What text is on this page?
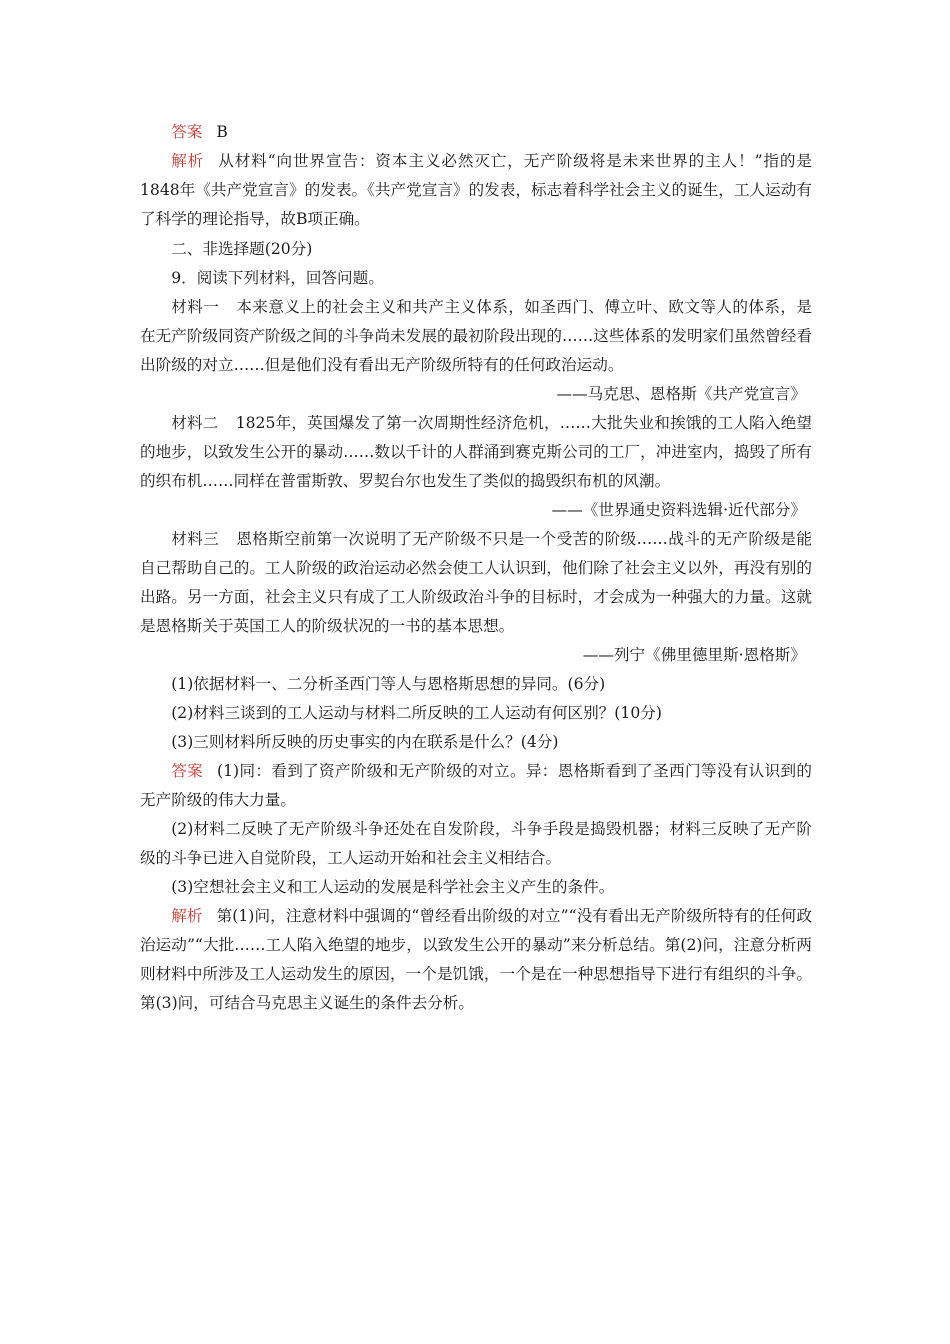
答案 B

解析 从材料“向世界宣告：资本主义必然灭亡，无产阶级将是未来世界的主人！”指的是1848年《共产党宣言》的发表。《共产党宣言》的发表，标志着科学社会主义的诞生，工人运动有了科学的理论指导，故B项正确。

二、非选择题(20分)

9．阅读下列材料，回答问题。

材料一 本来意义上的社会主义和共产主义体系，如圣西门、傅立叶、欧文等人的体系，是在无产阶级同资产阶级之间的斗争尚未发展的最初阶段出现的……这些体系的发明家们虽然曾经看出阶级的对立……但是他们没有看出无产阶级所特有的任何政治运动。

——马克思、恩格斯《共产党宣言》

材料二 1825年，英国爆发了第一次周期性经济危机，……大批失业和挨饿的工人陷入绝望的地步，以致发生公开的暴动……数以千计的人群涌到赛克斯公司的工厂，冲进室内，捣毁了所有的织布机……同样在普雷斯敦、罗契台尔也发生了类似的捣毁织布机的风潮。

——《世界通史资料选辑·近代部分》

材料三 恩格斯空前第一次说明了无产阶级不只是一个受苦的阶级……战斗的无产阶级是能自己帮助自己的。工人阶级的政治运动必然会使工人认识到，他们除了社会主义以外，再没有别的出路。另一方面，社会主义只有成了工人阶级政治斗争的目标时，才会成为一种强大的力量。这就是恩格斯关于英国工人的阶级状况的一书的基本思想。

——列宁《佛里德里斯·恩格斯》

(1)依据材料一、二分析圣西门等人与恩格斯思想的异同。(6分)

(2)材料三谈到的工人运动与材料二所反映的工人运动有何区别？(10分)

(3)三则材料所反映的历史事实的内在联系是什么？(4分)

答案 (1)同：看到了资产阶级和无产阶级的对立。异：恩格斯看到了圣西门等没有认识到的无产阶级的伟大力量。

(2)材料二反映了无产阶级斗争还处在自发阶段，斗争手段是捣毁机器；材料三反映了无产阶级的斗争已进入自觉阶段，工人运动开始和社会主义相结合。

(3)空想社会主义和工人运动的发展是科学社会主义产生的条件。

解析 第(1)问，注意材料中强调的“曾经看出阶级的对立”“没有看出无产阶级所特有的任何政治运动”“大批……工人陷入绝望的地步，以致发生公开的暴动”来分析总结。第(2)问，注意分析两则材料中所涉及工人运动发生的原因，一个是饥饿，一个是在一种思想指导下进行有组织的斗争。第(3)问，可结合马克思主义诞生的条件去分析。
